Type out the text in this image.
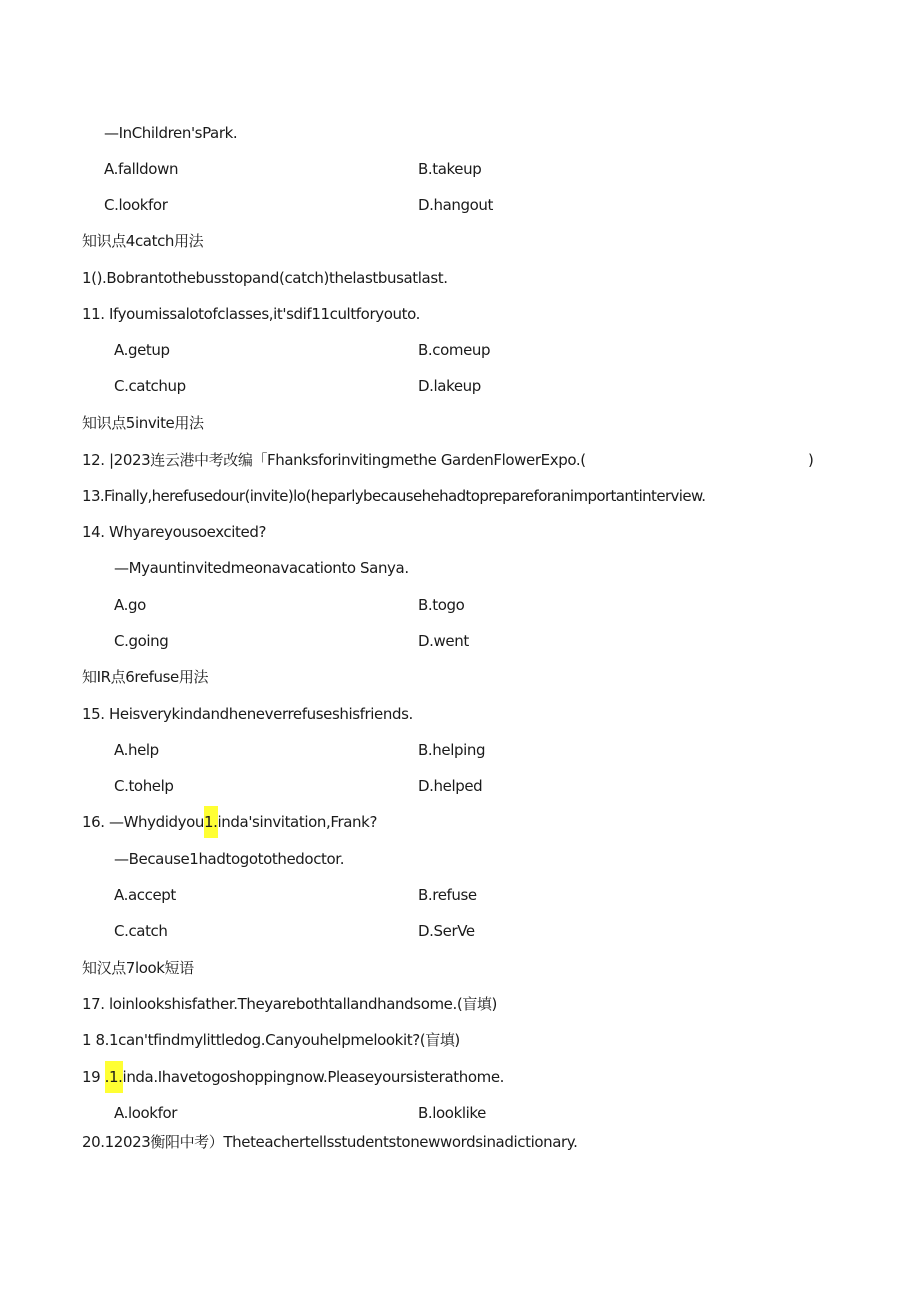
—InChildren'sPark.
A.falldown	B.takeup
C.lookfor	D.hangout
知识点4catch用法
1().Bobrantothebusstopand(catch)thelastbusatlast.
11. Ifyoumissalotofclasses,it'sdif11cultforyouto.
A.getup	B.comeup
C.catchup	D.lakeup
知识点5invite用法
12. |2023连云港中考改编「Fhanksforinvitingmethe GardenFlowerExpo.(	)
13.Finally,herefusedour(invite)lo(heparlybecausehehadtoprepareforanimportantinterview.
14. Whyareyousoexcited?
—Myauntinvitedmeonavacationto Sanya.
A.go	B.togo
C.going	D.went
知IR点6refuse用法
15. Heisverykindandheneverrefuseshisfriends.
A.help	B.helping
C.tohelp	D.helped
16. —Whydidyou1.inda'sinvitation,Frank?
—Because1hadtogotothedoctor.
A.accept	B.refuse
C.catch	D.SerVe
知汉点7look短语
17. loinlookshisfather.Theyarebothtallandhandsome.(盲填)
1 8.1can'tfindmylittledog.Canyouhelpmelookit?(盲填)
19 .1.inda.Ihavetogoshoppingnow.Pleaseyoursisterathome.
A.lookfor	B.looklike
20.12023衡阳中考）Theteachertellsstudentstonewwordsinadictionary.
